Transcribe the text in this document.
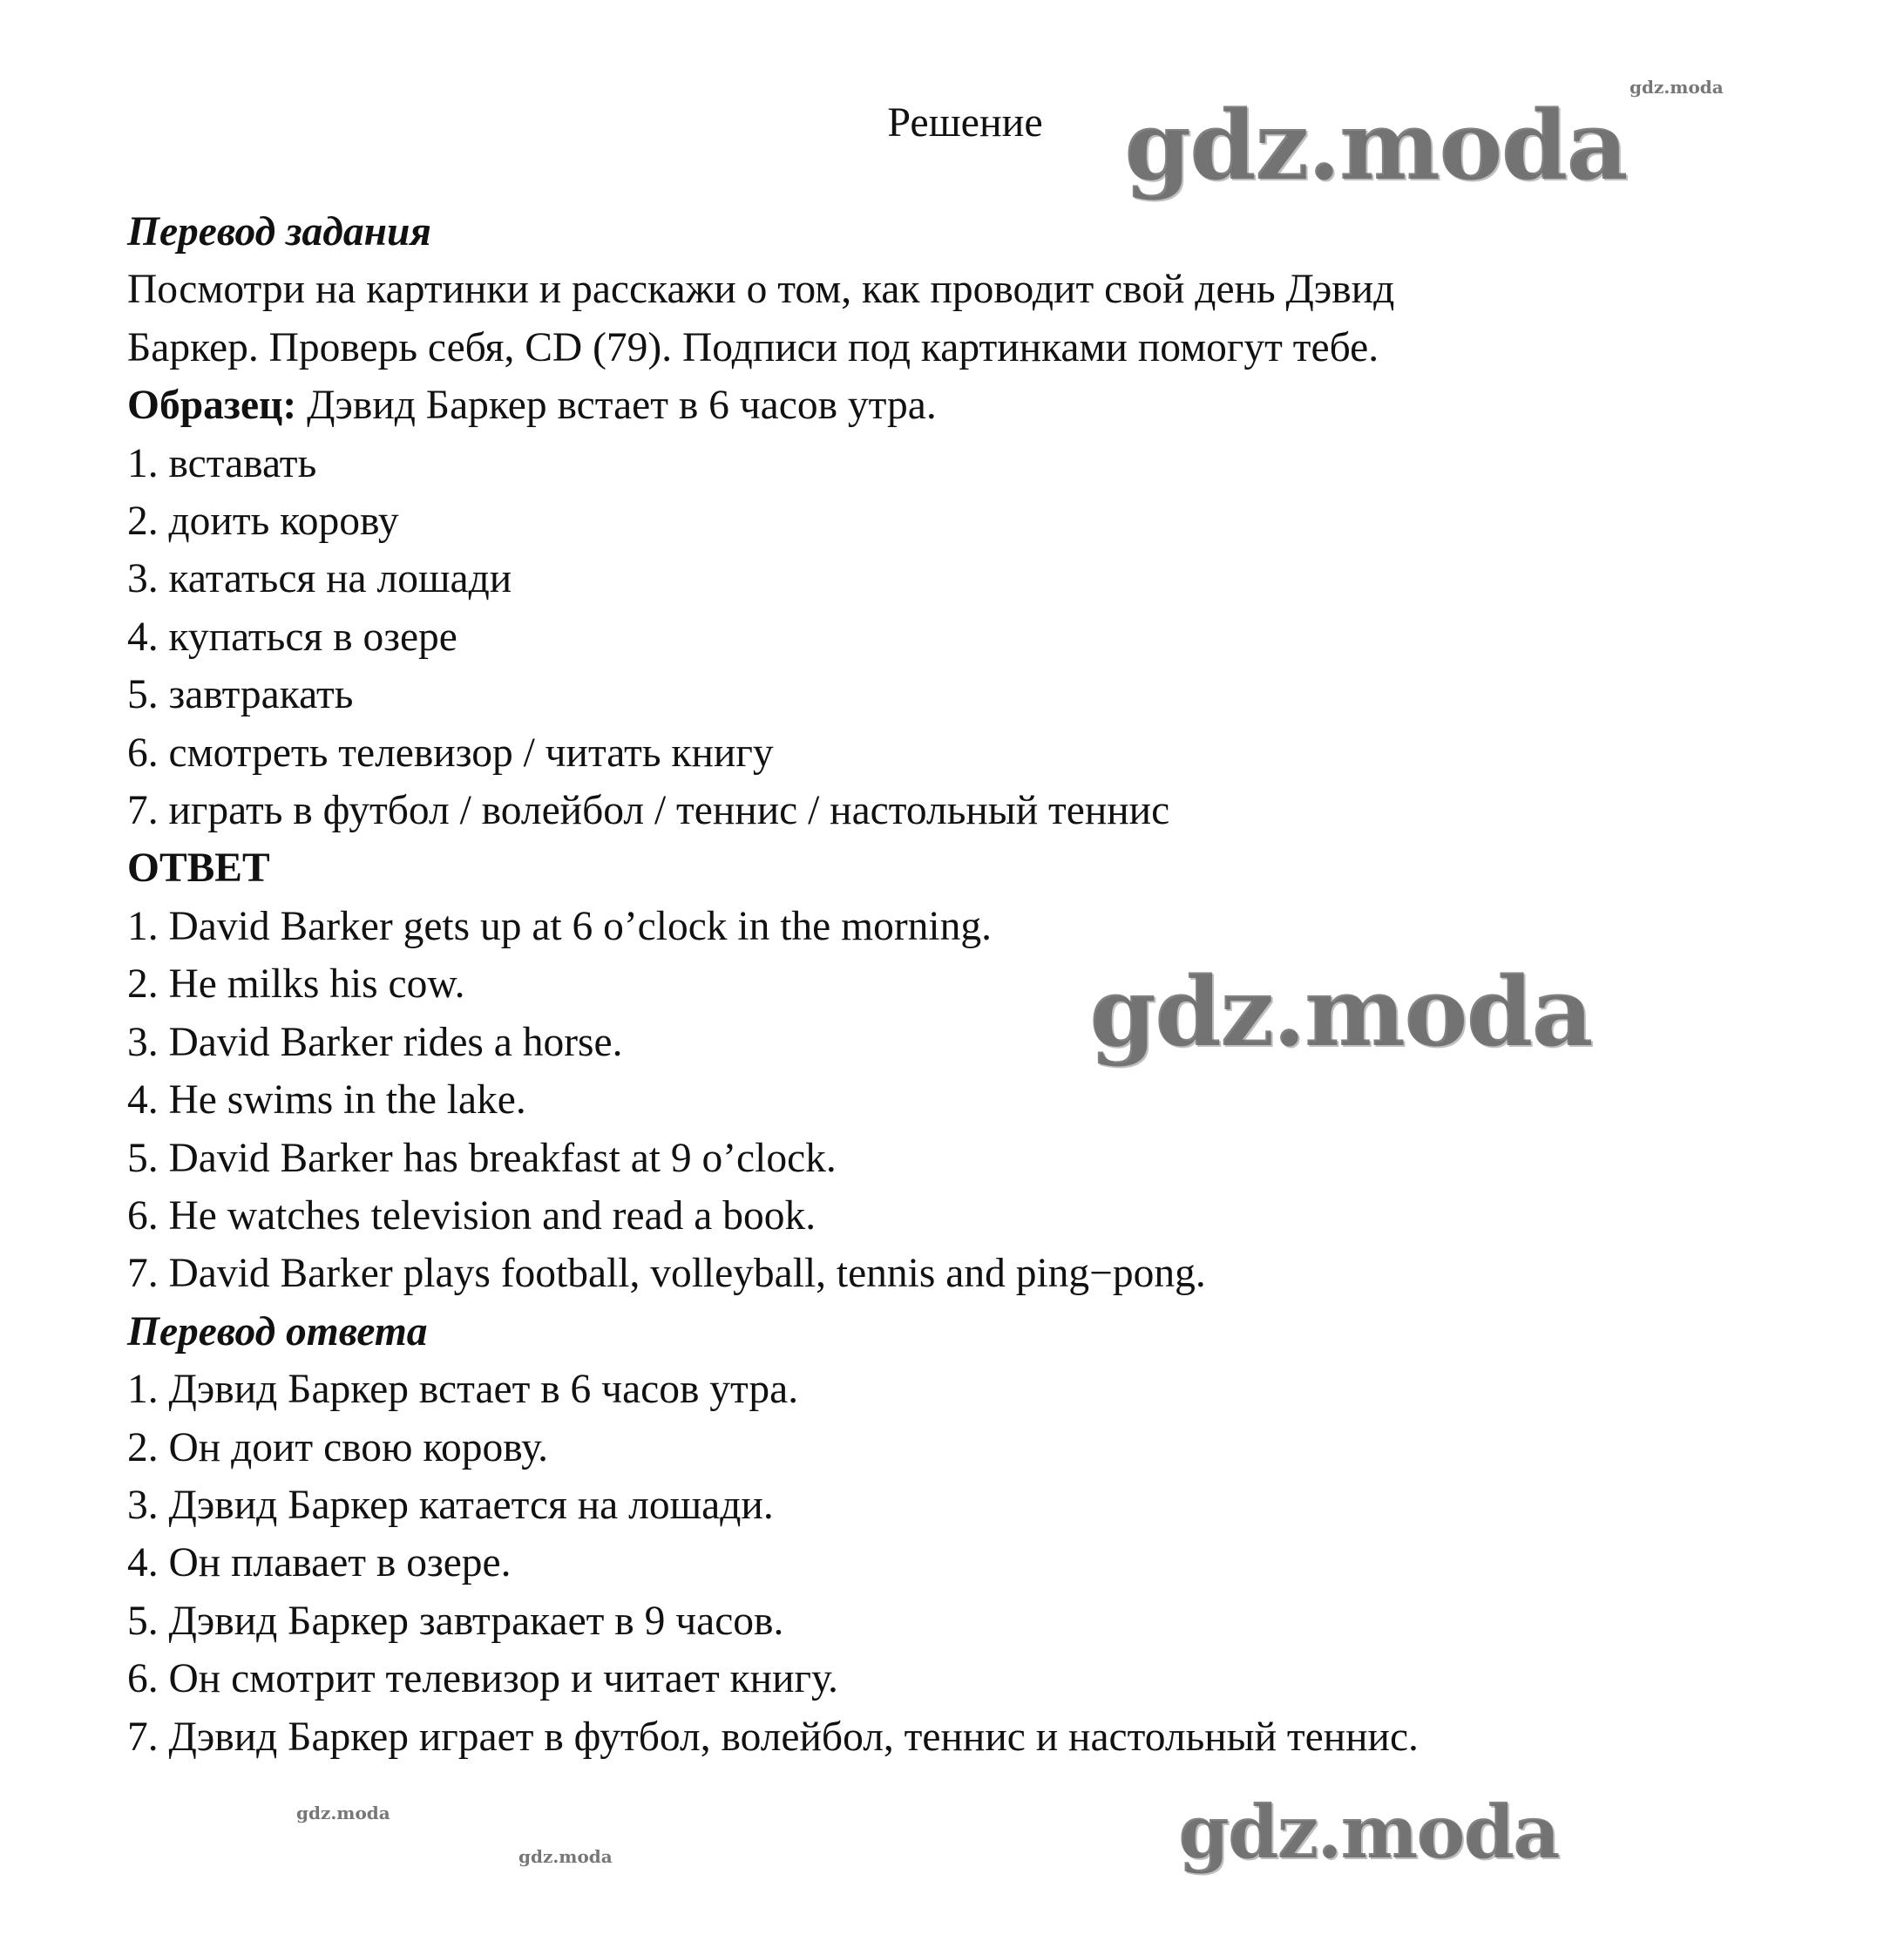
Решение
Перевод задания
Посмотри на картинки и расскажи о том, как проводит свой день Дэвид
Баркер. Проверь себя, CD (79). Подписи под картинками помогут тебе.
Образец: Дэвид Баркер встает в 6 часов утра.
1. вставать
2. доить корову
3. кататься на лошади
4. купаться в озере
5. завтракать
6. смотреть телевизор / читать книгу
7. играть в футбол / волейбол / теннис / настольный теннис
ОТВЕТ
1. David Barker gets up at 6 o’clock in the morning.
2. He milks his cow.
3. David Barker rides a horse.
4. He swims in the lake.
5. David Barker has breakfast at 9 o’clock.
6. He watches television and read a book.
7. David Barker plays football, volleyball, tennis and ping−pong.
Перевод ответа
1. Дэвид Баркер встает в 6 часов утра.
2. Он доит свою корову.
3. Дэвид Баркер катается на лошади.
4. Он плавает в озере.
5. Дэвид Баркер завтракает в 9 часов.
6. Он смотрит телевизор и читает книгу.
7. Дэвид Баркер играет в футбол, волейбол, теннис и настольный теннис.
gdz.moda
gdz.moda
gdz.moda
gdz.moda
gdz.moda
gdz.moda
